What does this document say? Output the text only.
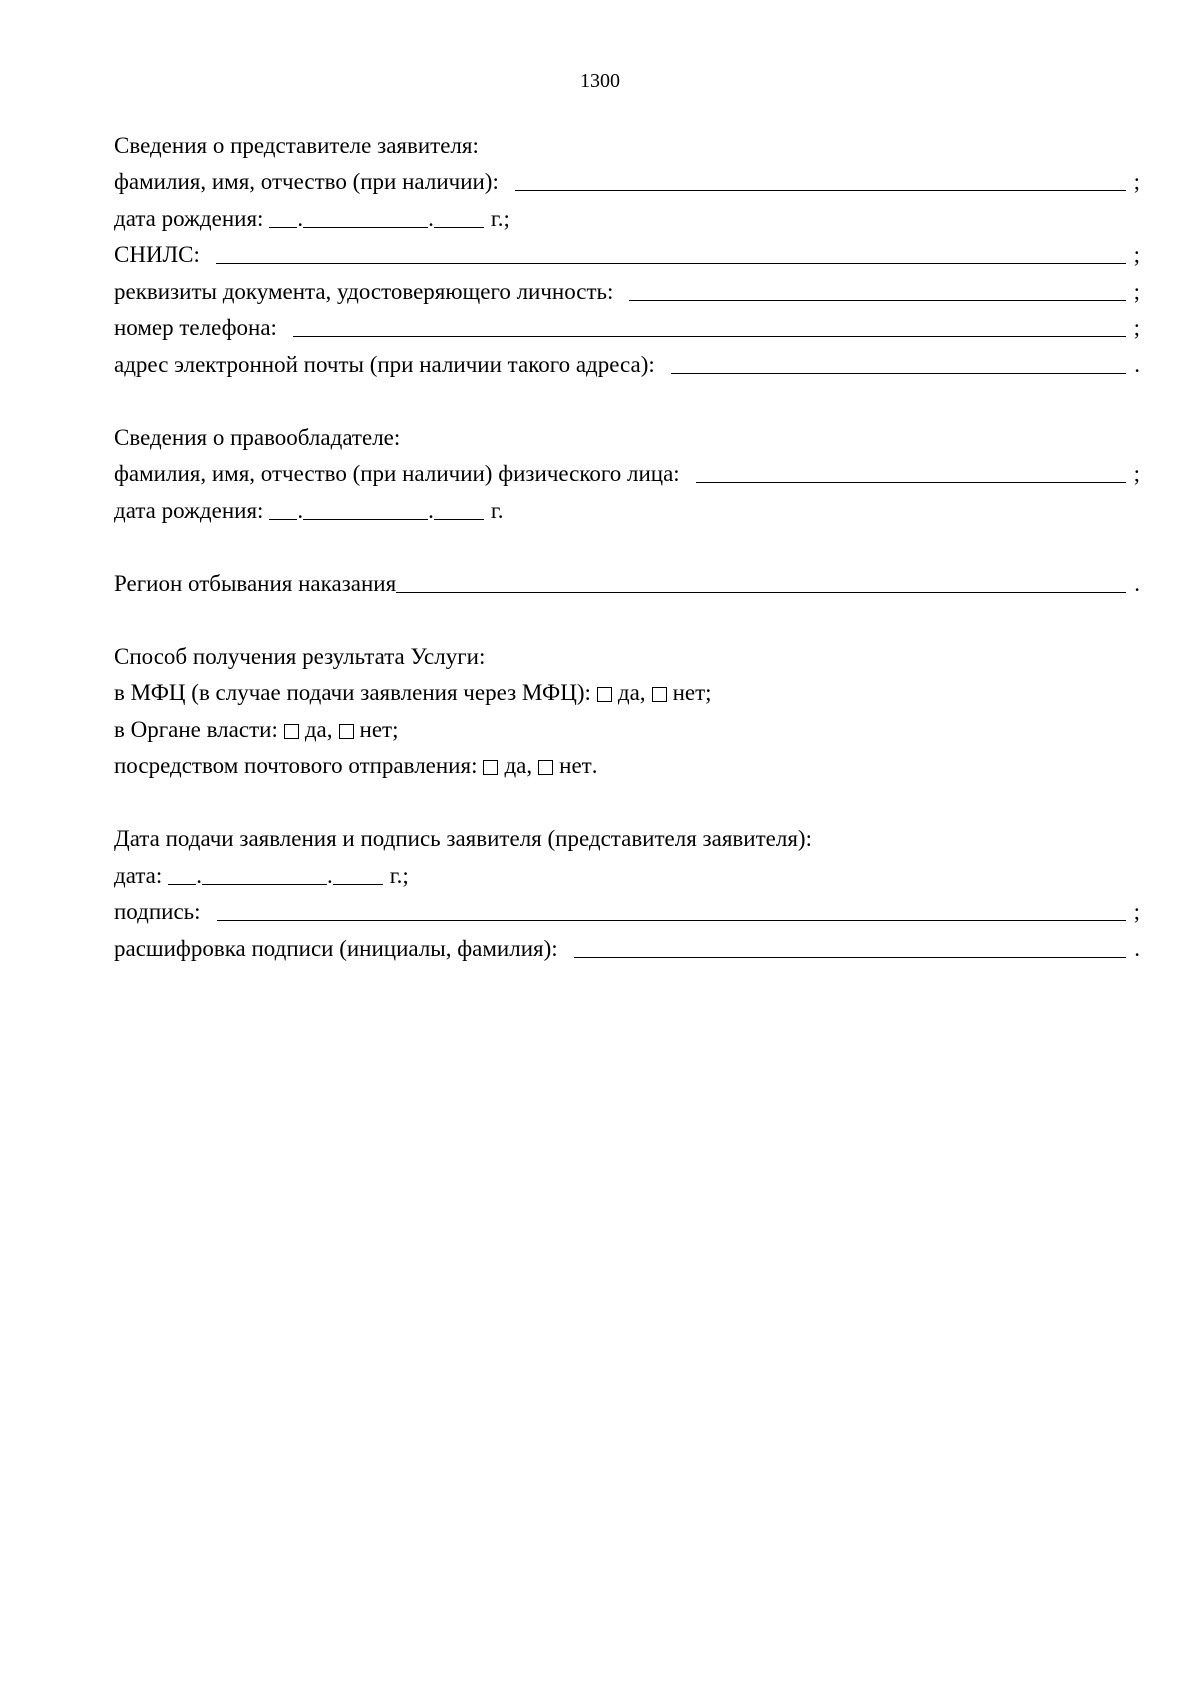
1300
Сведения о представителе заявителя:
фамилия, имя, отчество (при наличии):	;
дата рождения: .	. г.;
СНИЛС:	;
реквизиты документа, удостоверяющего личность:	;
номер телефона:	;
адрес электронной почты (при наличии такого адреса):	.
Сведения о правообладателе:
фамилия, имя, отчество (при наличии) физического лица:	;
дата рождения: .	. г.
Регион отбывания наказания	.
Способ получения результата Услуги:
в МФЦ (в случае подачи заявления через МФЦ): да, нет ;
в Органе власти: да, нет ;
посредством почтового отправления: да, нет .
Дата подачи заявления и подпись заявителя (представителя заявителя):
дата: .	. г.;
подпись:	;
расшифровка подписи (инициалы, фамилия):	.
